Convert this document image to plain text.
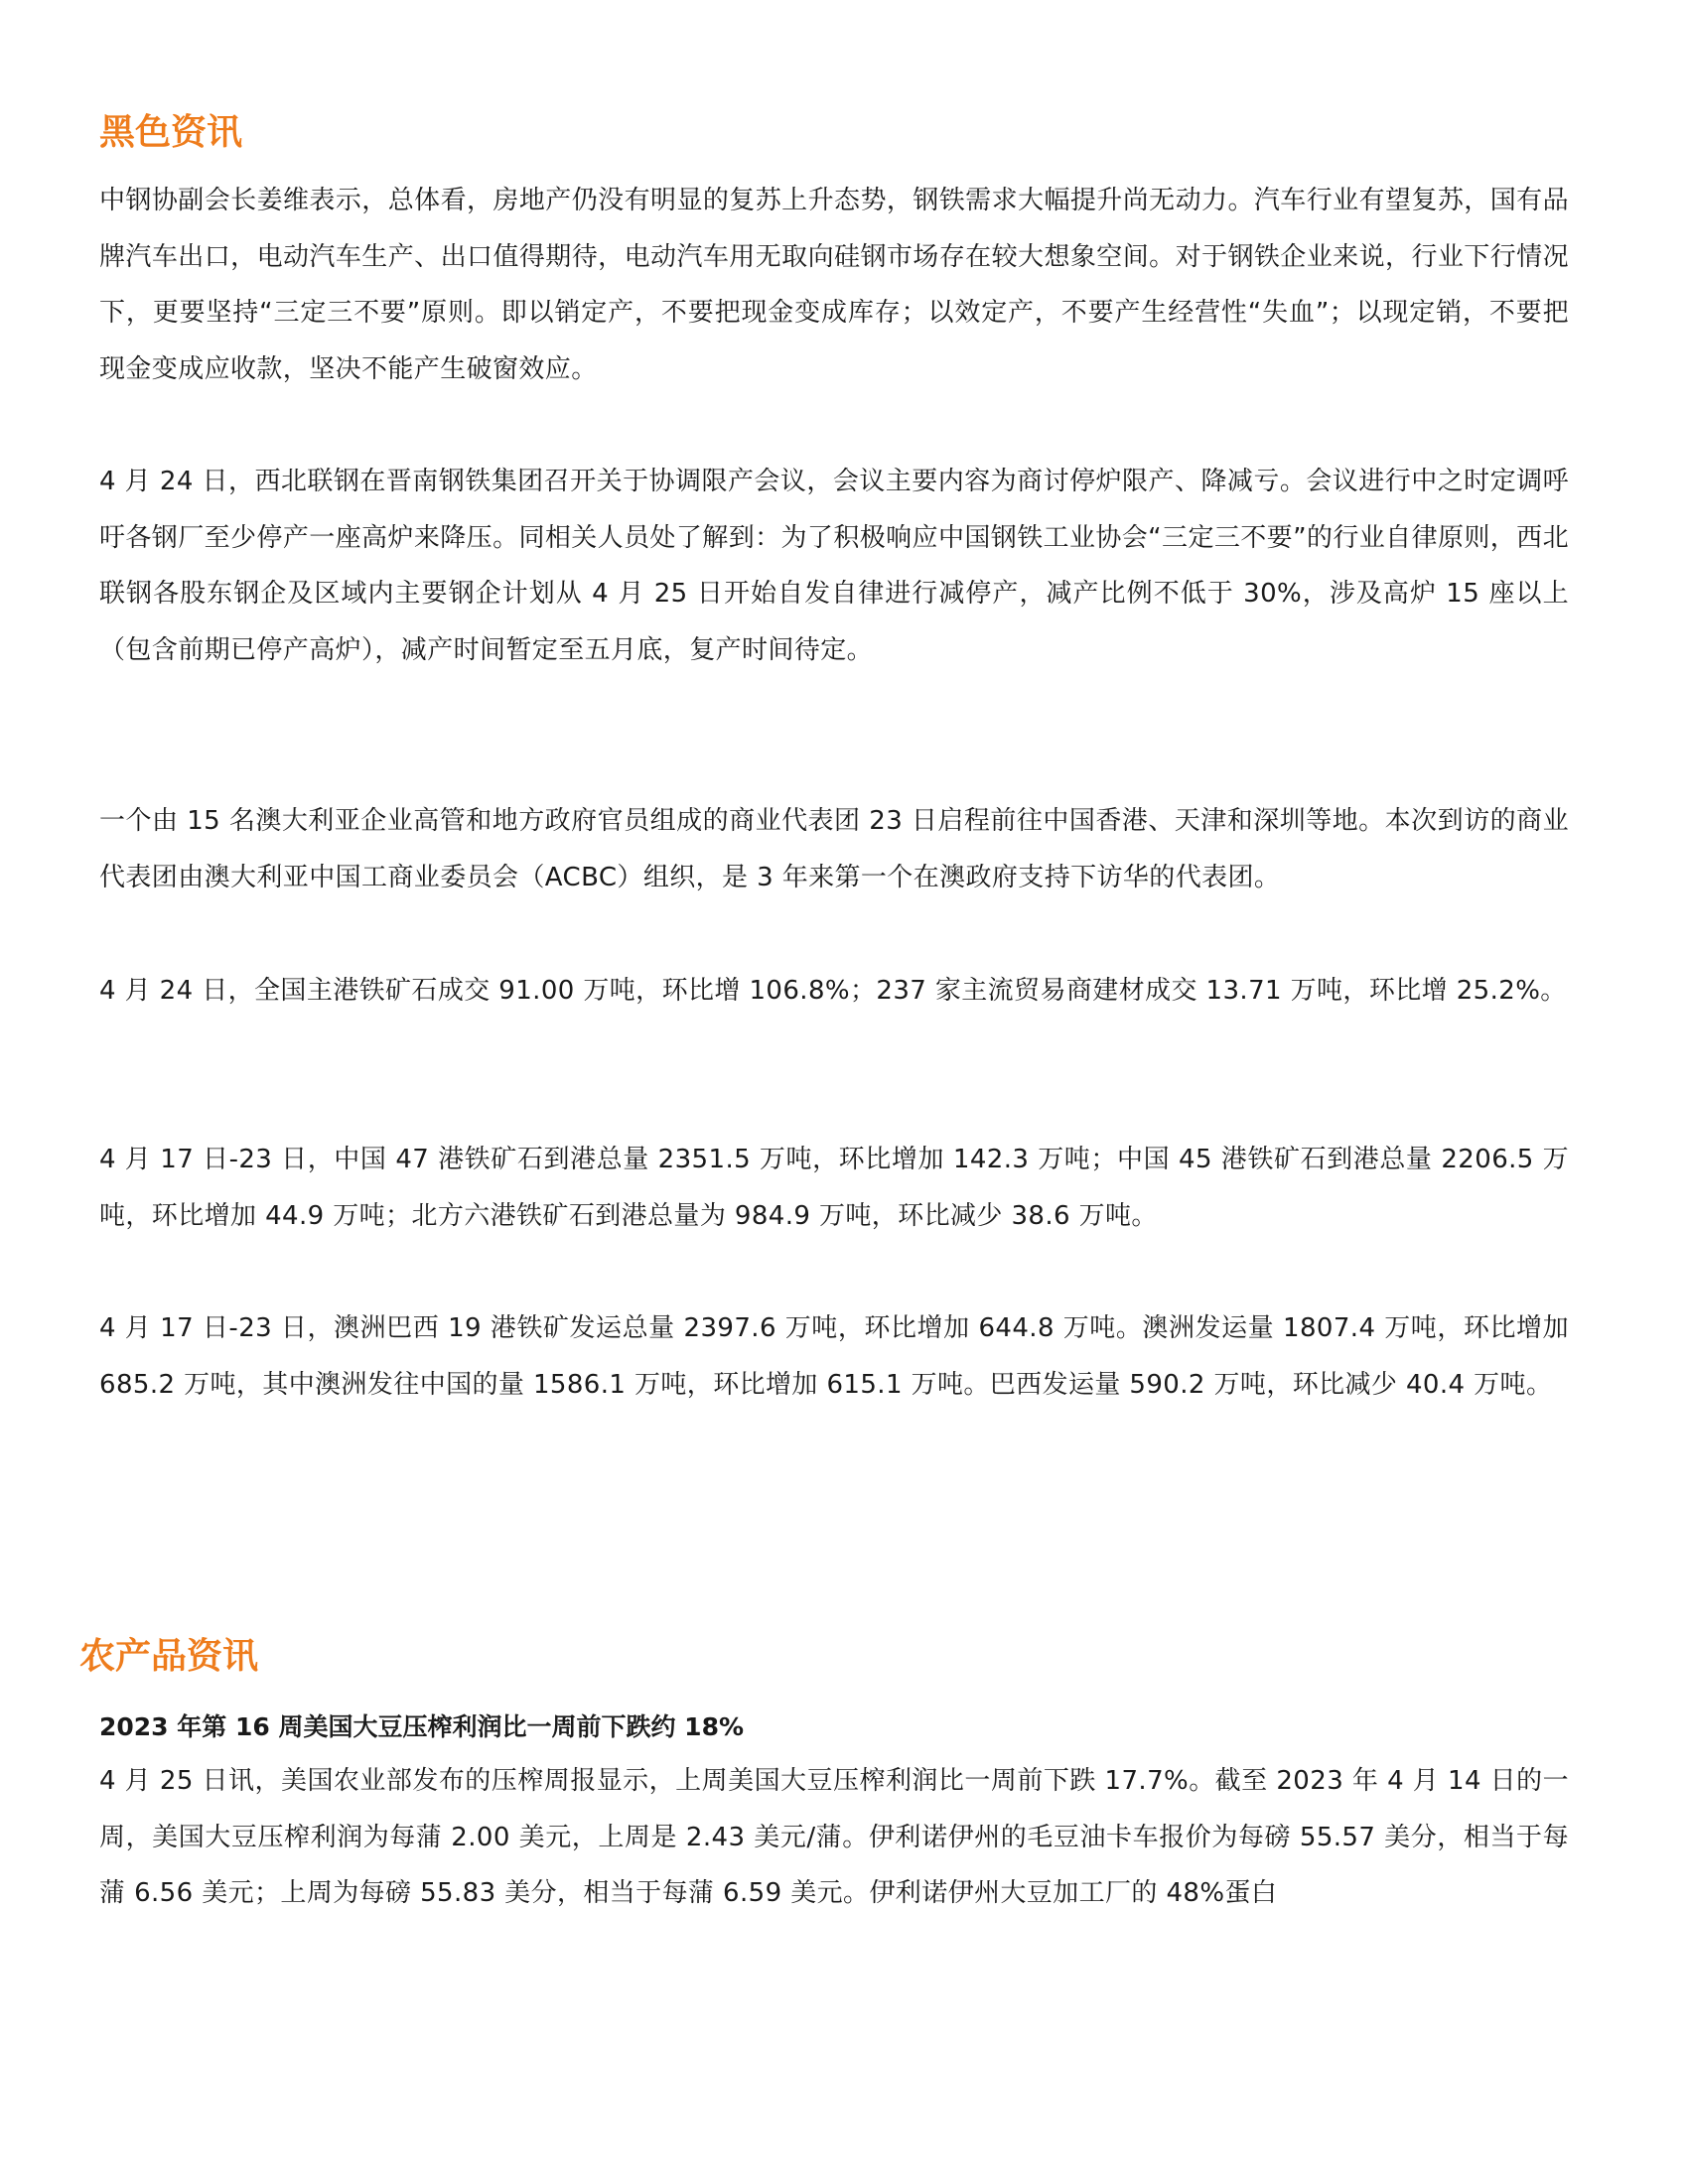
黑色资讯
中钢协副会长姜维表示，总体看，房地产仍没有明显的复苏上升态势，钢铁需求大幅提升尚无动力。汽车行业有望复苏，国有品牌汽车出口，电动汽车生产、出口值得期待，电动汽车用无取向硅钢市场存在较大想象空间。对于钢铁企业来说，行业下行情况下，更要坚持“三定三不要”原则。即以销定产，不要把现金变成库存；以效定产，不要产生经营性“失血”；以现定销，不要把现金变成应收款，坚决不能产生破窗效应。
4 月 24 日，西北联钢在晋南钢铁集团召开关于协调限产会议，会议主要内容为商讨停炉限产、降减亏。会议进行中之时定调呼吁各钢厂至少停产一座高炉来降压。同相关人员处了解到：为了积极响应中国钢铁工业协会“三定三不要”的行业自律原则，西北联钢各股东钢企及区域内主要钢企计划从 4 月 25 日开始自发自律进行减停产，减产比例不低于 30%，涉及高炉 15 座以上（包含前期已停产高炉），减产时间暂定至五月底，复产时间待定。
一个由 15 名澳大利亚企业高管和地方政府官员组成的商业代表团 23 日启程前往中国香港、天津和深圳等地。本次到访的商业代表团由澳大利亚中国工商业委员会（ACBC）组织，是 3 年来第一个在澳政府支持下访华的代表团。
4 月 24 日，全国主港铁矿石成交 91.00 万吨，环比增 106.8%；237 家主流贸易商建材成交 13.71 万吨，环比增 25.2%。
4 月 17 日-23 日，中国 47 港铁矿石到港总量 2351.5 万吨，环比增加 142.3 万吨；中国 45 港铁矿石到港总量 2206.5 万吨，环比增加 44.9 万吨；北方六港铁矿石到港总量为 984.9 万吨，环比减少 38.6 万吨。
4 月 17 日-23 日，澳洲巴西 19 港铁矿发运总量 2397.6 万吨，环比增加 644.8 万吨。澳洲发运量 1807.4 万吨，环比增加 685.2 万吨，其中澳洲发往中国的量 1586.1 万吨，环比增加 615.1 万吨。巴西发运量 590.2 万吨，环比减少 40.4 万吨。
农产品资讯
2023 年第 16 周美国大豆压榨利润比一周前下跌约 18%
4 月 25 日讯，美国农业部发布的压榨周报显示，上周美国大豆压榨利润比一周前下跌 17.7%。截至 2023 年 4 月 14 日的一周，美国大豆压榨利润为每蒲 2.00 美元，上周是 2.43 美元/蒲。伊利诺伊州的毛豆油卡车报价为每磅 55.57 美分，相当于每蒲 6.56 美元；上周为每磅 55.83 美分，相当于每蒲 6.59 美元。伊利诺伊州大豆加工厂的 48%蛋白
